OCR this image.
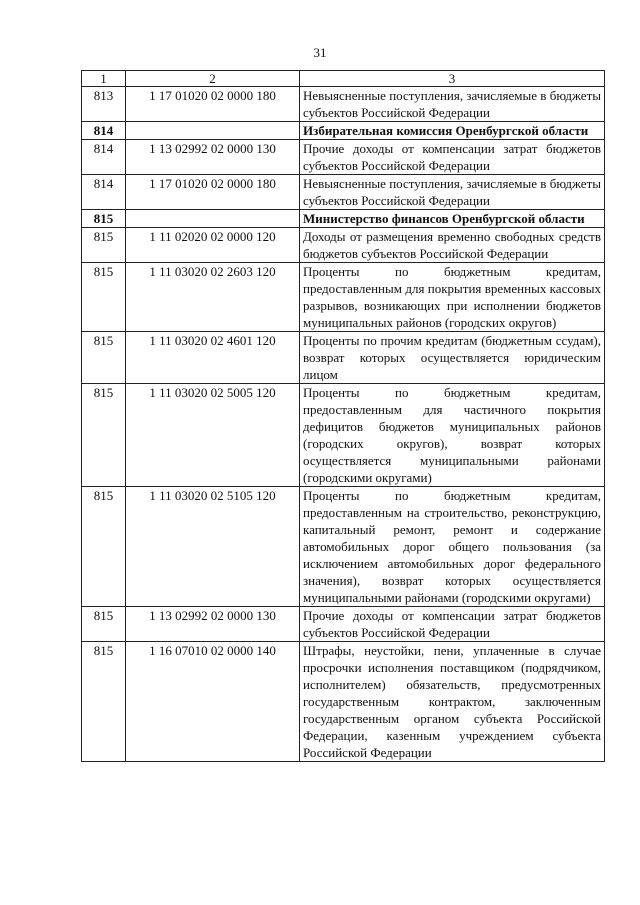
31
1	2	3
813	1 17 01020 02 0000 180	Невыясненные поступления, зачисляемые в бюджеты субъектов Российской Федерации
814		Избирательная комиссия Оренбургской области
814	1 13 02992 02 0000 130	Прочие доходы от компенсации затрат бюджетов субъектов Российской Федерации
814	1 17 01020 02 0000 180	Невыясненные поступления, зачисляемые в бюджеты субъектов Российской Федерации
815		Министерство финансов Оренбургской области
815	1 11 02020 02 0000 120	Доходы от размещения временно свободных средств бюджетов субъектов Российской Федерации
815	1 11 03020 02 2603 120	Проценты по бюджетным кредитам, предоставленным для покрытия временных кассовых разрывов, возникающих при исполнении бюджетов муниципальных районов (городских округов)
815	1 11 03020 02 4601 120	Проценты по прочим кредитам (бюджетным ссудам), возврат которых осуществляется юридическим лицом
815	1 11 03020 02 5005 120	Проценты по бюджетным кредитам, предоставленным для частичного покрытия дефицитов бюджетов муниципальных районов (городских округов), возврат которых осуществляется муниципальными районами (городскими округами)
815	1 11 03020 02 5105 120	Проценты по бюджетным кредитам, предоставленным на строительство, реконструкцию, капитальный ремонт, ремонт и содержание автомобильных дорог общего пользования (за исключением автомобильных дорог федерального значения), возврат которых осуществляется муниципальными районами (городскими округами)
815	1 13 02992 02 0000 130	Прочие доходы от компенсации затрат бюджетов субъектов Российской Федерации
815	1 16 07010 02 0000 140	Штрафы, неустойки, пени, уплаченные в случае просрочки исполнения поставщиком (подрядчиком, исполнителем) обязательств, предусмотренных государственным контрактом, заключенным государственным органом субъекта Российской Федерации, казенным учреждением субъекта Российской Федерации
